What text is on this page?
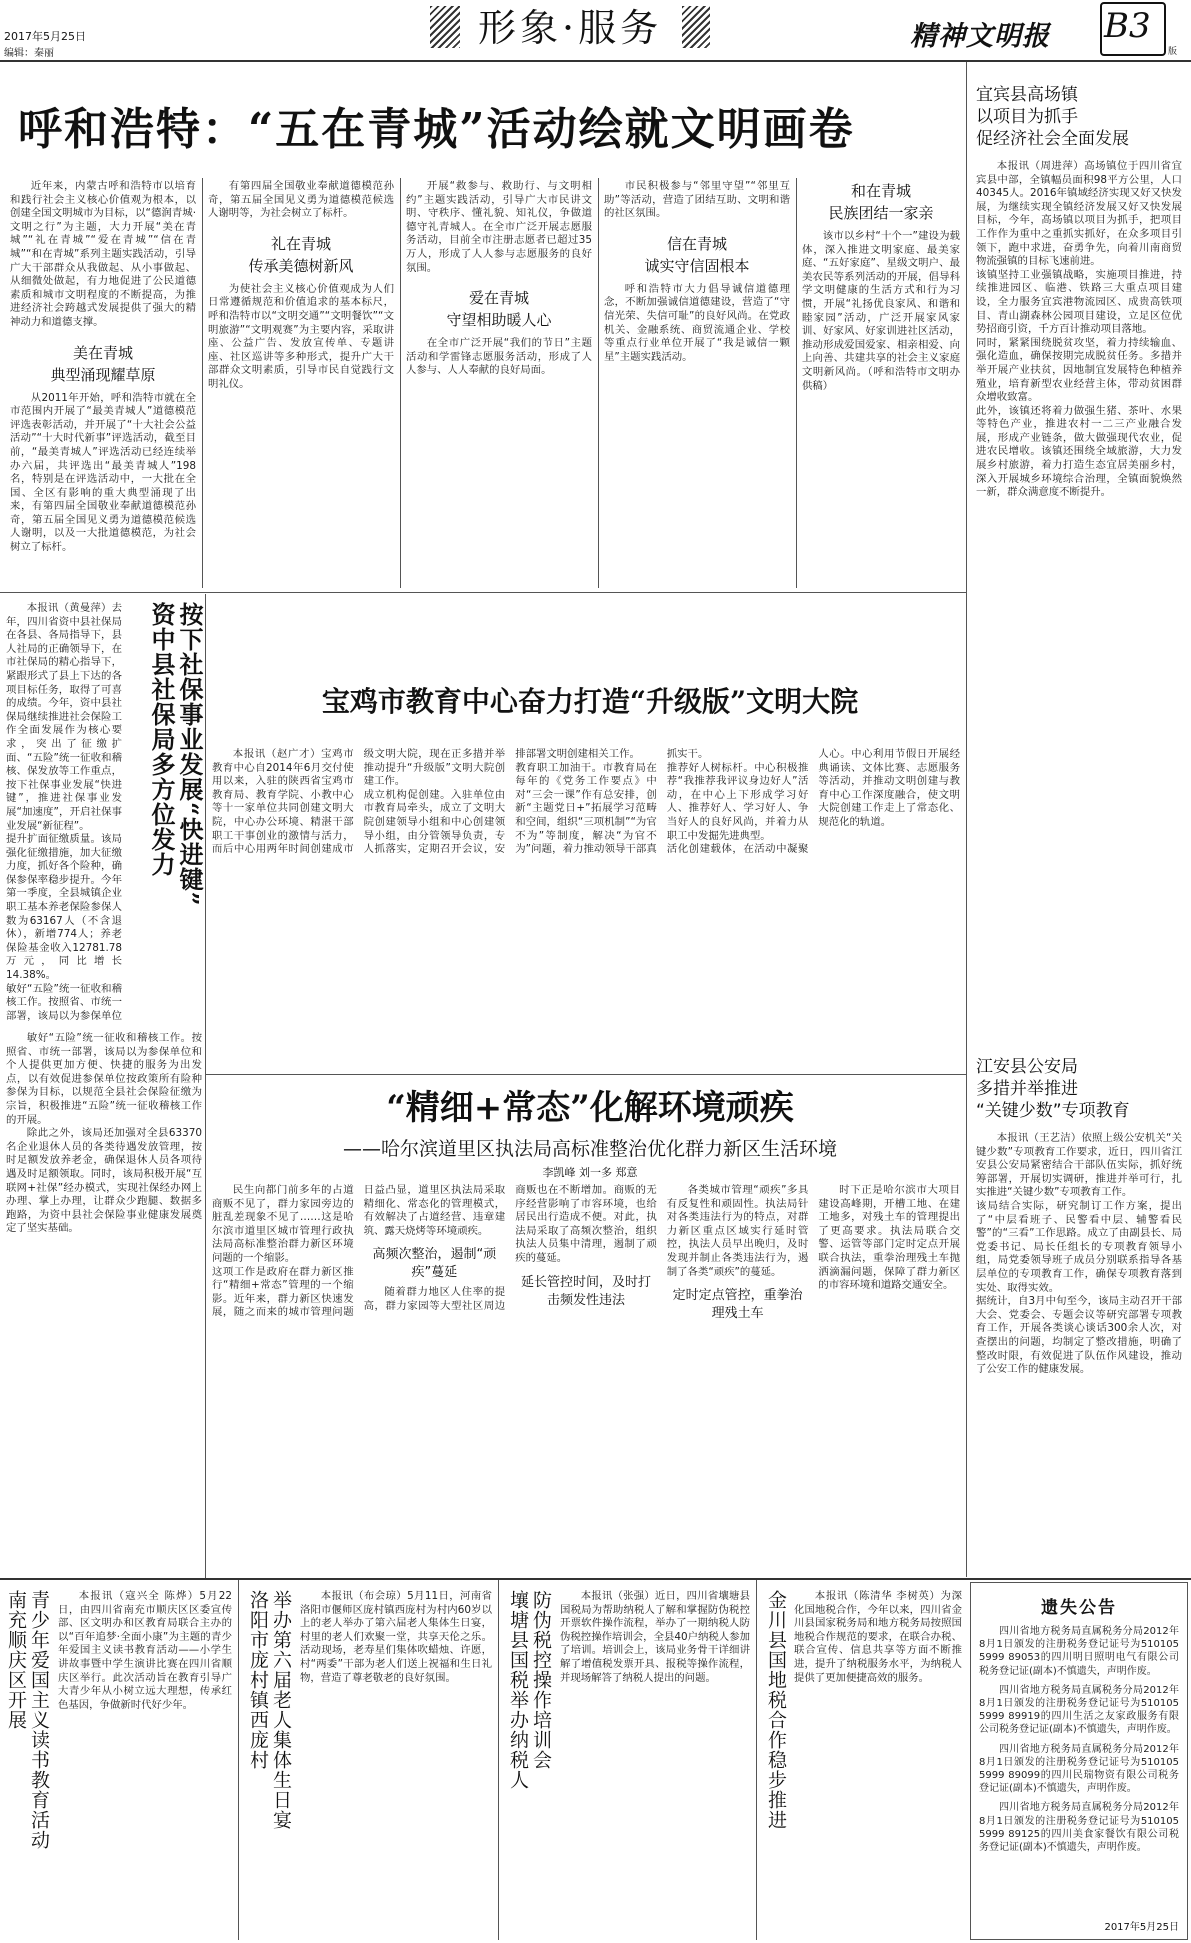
2017年5月25日
编辑：秦丽
形象·服务	精神文明报 B3
版
呼和浩特：“五在青城”活动绘就文明画卷

近年来，内蒙古呼和浩特市以培育和践行社会主义核心价值观为根本，以创建全国文明城市为目标，以“德润青城·文明之行”为主题，大力开展“美在青城”“礼在青城”“爱在青城”“信在青城”“和在青城”系列主题实践活动，引导广大干部群众从我做起、从小事做起、从细微处做起，有力地促进了公民道德素质和城市文明程度的不断提高，为推进经济社会跨越式发展提供了强大的精神动力和道德支撑。

美在青城
典型涌现耀草原

从2011年开始，呼和浩特市就在全市范围内开展了“最美青城人”道德模范评选表彰活动，并开展了“十大社会公益活动”“十大时代新事”评选活动，截至目前，“最美青城人”评选活动已经连续举办六届，共评选出“最美青城人”198名，特别是在评选活动中，一大批在全国、全区有影响的重大典型涌现了出来，有第四届全国敬业奉献道德模范孙奇，第五届全国见义勇为道德模范候选人谢明，以及一大批道德模范，为社会树立了标杆。

有第四届全国敬业奉献道德模范孙奇，第五届全国见义勇为道德模范候选人谢明等，为社会树立了标杆。

礼在青城
传承美德树新风

为使社会主义核心价值观成为人们日常遵循规范和价值追求的基本标尺，呼和浩特市以“文明交通”“文明餐饮”“文明旅游”“文明观赛”为主要内容，采取讲座、公益广告、发放宣传单、专题讲座、社区巡讲等多种形式，提升广大干部群众文明素质，引导市民自觉践行文明礼仪。

开展“救参与、救助行、与文明相约”主题实践活动，引导广大市民讲文明、守秩序、懂礼貌、知礼仪，争做道德守礼青城人。在全市广泛开展志愿服务活动，目前全市注册志愿者已超过35万人，形成了人人参与志愿服务的良好氛围。

爱在青城
守望相助暖人心

在全市广泛开展“我们的节日”主题活动和学雷锋志愿服务活动，形成了人人参与、人人奉献的良好局面。

市民积极参与“邻里守望”“邻里互助”等活动，营造了团结互助、文明和谐的社区氛围。

信在青城
诚实守信固根本

呼和浩特市大力倡导诚信道德理念，不断加强诚信道德建设，营造了“守信光荣、失信可耻”的良好风尚。在党政机关、金融系统、商贸流通企业、学校等重点行业单位开展了“我是诚信一颗星”主题实践活动。

和在青城
民族团结一家亲

该市以乡村“十个一”建设为载体，深入推进文明家庭、最美家庭、“五好家庭”、星级文明户、最美农民等系列活动的开展，倡导科学文明健康的生活方式和行为习惯，开展“礼扬优良家风、和谐和睦家园”活动，广泛开展家风家训、好家风、好家训进社区活动，推动形成爱国爱家、相亲相爱、向上向善、共建共享的社会主义家庭文明新风尚。（呼和浩特市文明办供稿）

宜宾县高场镇
以项目为抓手
促经济社会全面发展
本报讯（周进萍）高场镇位于四川省宜宾县中部，全镇幅员面积98平方公里，人口40345人。2016年镇域经济实现又好又快发展，为继续实现全镇经济发展又好又快发展目标，今年，高场镇以项目为抓手，把项目工作作为重中之重抓实抓好，在众多项目引领下，跑中求进，奋勇争先，向着川南商贸物流强镇的目标飞速前进。
该镇坚持工业强镇战略，实施项目推进，持续推进园区、临港、铁路三大重点项目建设，全力服务宜宾港物流园区、成贵高铁项目、青山湖森林公园项目建设，立足区位优势招商引资，千方百计推动项目落地。
同时，紧紧围绕脱贫攻坚，着力持续输血、强化造血，确保按期完成脱贫任务。多措并举开展产业扶贫，因地制宜发展特色种植养殖业，培育新型农业经营主体，带动贫困群众增收致富。
此外，该镇还将着力做强生猪、茶叶、水果等特色产业，推进农村一二三产业融合发展，形成产业链条，做大做强现代农业，促进农民增收。该镇还围绕全域旅游，大力发展乡村旅游，着力打造生态宜居美丽乡村，深入开展城乡环境综合治理，全镇面貌焕然一新，群众满意度不断提升。
江安县公安局
多措并举推进
“关键少数”专项教育
本报讯（王艺洁）依照上级公安机关“关键少数”专项教育工作要求，近日，四川省江安县公安局紧密结合干部队伍实际，抓好统筹部署，开展切实调研，推进并举可行，扎实推进“关键少数”专项教育工作。
该局结合实际，研究制订工作方案，提出了“中层看班子、民警看中层、辅警看民警”的“三看”工作思路。成立了由副县长、局党委书记、局长任组长的专项教育领导小组，局党委领导班子成员分别联系指导各基层单位的专项教育工作，确保专项教育落到实处、取得实效。
据统计，自3月中旬至今，该局主动召开干部大会、党委会、专题会议等研究部署专项教育工作，开展各类谈心谈话300余人次，对查摆出的问题，均制定了整改措施，明确了整改时限，有效促进了队伍作风建设，推动了公安工作的健康发展。
按下社保事业发展“快进键”
资中县社保局多方位发力
本报讯（黄曼萍）去年，四川省资中县社保局在各县、各局指导下，县人社局的正确领导下，在市社保局的精心指导下，紧跟形式了县上下达的各项目标任务，取得了可喜的成绩。今年，资中县社保局继续推进社会保险工作全面发展作为核心要求，突出了征缴扩面、“五险”统一征收和稽核、保发放等工作重点，按下社保事业发展“快进键”，推进社保事业发展“加速度”，开启社保事业发展“新征程”。
提升扩面征缴质量。该局强化征缴措施，加大征缴力度，抓好各个险种，确保参保率稳步提升。今年第一季度，全县城镇企业职工基本养老保险参保人数为63167人（不含退休），新增774人；养老保险基金收入12781.78万元，同比增长14.38%。
敏好“五险”统一征收和稽核工作。按照省、市统一部署，该局以为参保单位

敏好“五险”统一征收和稽核工作。按照省、市统一部署，该局以为参保单位和个人提供更加方便、快捷的服务为出发点，以有效促进参保单位按政策所有险种参保为目标，以规范全县社会保险征缴为宗旨，积极推进“五险”统一征收稽核工作的开展。

除此之外，该局还加强对全县63370名企业退休人员的各类待遇发放管理，按时足额发放养老金，确保退休人员各项待遇及时足额领取。同时，该局积极开展“互联网+社保”经办模式，实现社保经办网上办理、掌上办理，让群众少跑腿、数据多跑路，为资中县社会保险事业健康发展奠定了坚实基础。

宝鸡市教育中心奋力打造“升级版”文明大院
本报讯（赵广才）宝鸡市教育中心自2014年6月交付使用以来，入驻的陕西省宝鸡市教育局、教育学院、小教中心等十一家单位共同创建文明大院，中心办公环境、精湛干部职工干事创业的激情与活力，而后中心用两年时间创建成市级文明大院，现在正多措并举推动提升“升级版”文明大院创建工作。
成立机构促创建。入驻单位由市教育局牵头，成立了文明大院创建领导小组和中心创建领导小组，由分管领导负责，专人抓落实，定期召开会议，安排部署文明创建相关工作。
教育职工加油干。市教育局在每年的《党务工作要点》中对“三会一课”作有总安排，创新“主题党日+”拓展学习范畴和空间，组织“三项机制”“为官不为”等制度，解决“为官不为”问题，着力推动领导干部真抓实干。
推荐好人树标杆。中心积极推荐“我推荐我评议身边好人”活动，在中心上下形成学习好人、推荐好人、学习好人、争当好人的良好风尚，并着力从职工中发掘先进典型。
活化创建载体，在活动中凝聚人心。中心利用节假日开展经典诵读、文体比赛、志愿服务等活动，并推动文明创建与教育中心工作深度融合，使文明大院创建工作走上了常态化、规范化的轨道。
“精细+常态”化解环境顽疾
——哈尔滨道里区执法局高标准整治优化群力新区生活环境
李凯峰 刘一多 郑意
民生向都门前多年的占道商贩不见了，群力家园旁边的脏乱差现象不见了……这是哈尔滨市道里区城市管理行政执法局高标准整治群力新区环境问题的一个缩影。
这项工作是政府在群力新区推行“精细+常态”管理的一个缩影。近年来，群力新区快速发展，随之而来的城市管理问题日益凸显，道里区执法局采取精细化、常态化的管理模式，有效解决了占道经营、违章建筑、露天烧烤等环境顽疾。
高频次整治，遏制“顽疾”蔓延
随着群力地区人住率的提高，群力家园等大型社区周边商贩也在不断增加。商贩的无序经营影响了市容环境，也给居民出行造成不便。对此，执法局采取了高频次整治，组织执法人员集中清理，遏制了顽疾的蔓延。
延长管控时间，及时打击频发性违法
各类城市管理“顽疾”多具有反复性和顽固性。执法局针对各类违法行为的特点，对群力新区重点区域实行延时管控，执法人员早出晚归，及时发现并制止各类违法行为，遏制了各类“顽疾”的蔓延。
定时定点管控，重拳治理残土车
时下正是哈尔滨市大项目建设高峰期，开槽工地、在建工地多，对残土车的管理提出了更高要求。执法局联合交警、运管等部门定时定点开展联合执法，重拳治理残土车抛洒滴漏问题，保障了群力新区的市容环境和道路交通安全。
遗失公告

四川省地方税务局直属税务分局2012年8月1日颁发的注册税务登记证号为510105 5999 89053的四川明日照明电气有限公司税务登记证(副本)不慎遗失，声明作废。

四川省地方税务局直属税务分局2012年8月1日颁发的注册税务登记证号为510105 5999 89919的四川生活之友家政服务有限公司税务登记证(副本)不慎遗失，声明作废。

四川省地方税务局直属税务分局2012年8月1日颁发的注册税务登记证号为510105 5999 89099的四川民瑞物资有限公司税务登记证(副本)不慎遗失，声明作废。

四川省地方税务局直属税务分局2012年8月1日颁发的注册税务登记证号为510105 5999 89125的四川美食家餐饮有限公司税务登记证(副本)不慎遗失，声明作废。

2017年5月25日
青少年爱国主义读书教育活动
南充顺庆区开展	本报讯（寇兴全 陈烨）5月22日，由四川省南充市顺庆区区委宣传部、区文明办和区教育局联合主办的以“百年追梦·全面小康”为主题的青少年爱国主义读书教育活动——小学生讲故事暨中学生演讲比赛在四川省顺庆区举行。此次活动旨在教育引导广大青少年从小树立远大理想，传承红色基因，争做新时代好少年。	举办第六届老人集体生日宴
洛阳市庞村镇西庞村	本报讯（布会琼）5月11日，河南省洛阳市偃师区庞村镇西庞村为村内60岁以上的老人举办了第六届老人集体生日宴，村里的老人们欢聚一堂，共享天伦之乐。活动现场，老寿星们集体吹蜡烛、许愿，村“两委”干部为老人们送上祝福和生日礼物，营造了尊老敬老的良好氛围。	防伪税控操作培训会
壤塘县国税举办纳税人	本报讯（张强）近日，四川省壤塘县国税局为帮助纳税人了解和掌握防伪税控开票软件操作流程，举办了一期纳税人防伪税控操作培训会，全县40户纳税人参加了培训。培训会上，该局业务骨干详细讲解了增值税发票开具、报税等操作流程，并现场解答了纳税人提出的问题。	金川县国地税合作稳步推进	本报讯（陈清华 李树英）为深化国地税合作，今年以来，四川省金川县国家税务局和地方税务局按照国地税合作规范的要求，在联合办税、联合宣传、信息共享等方面不断推进，提升了纳税服务水平，为纳税人提供了更加便捷高效的服务。
